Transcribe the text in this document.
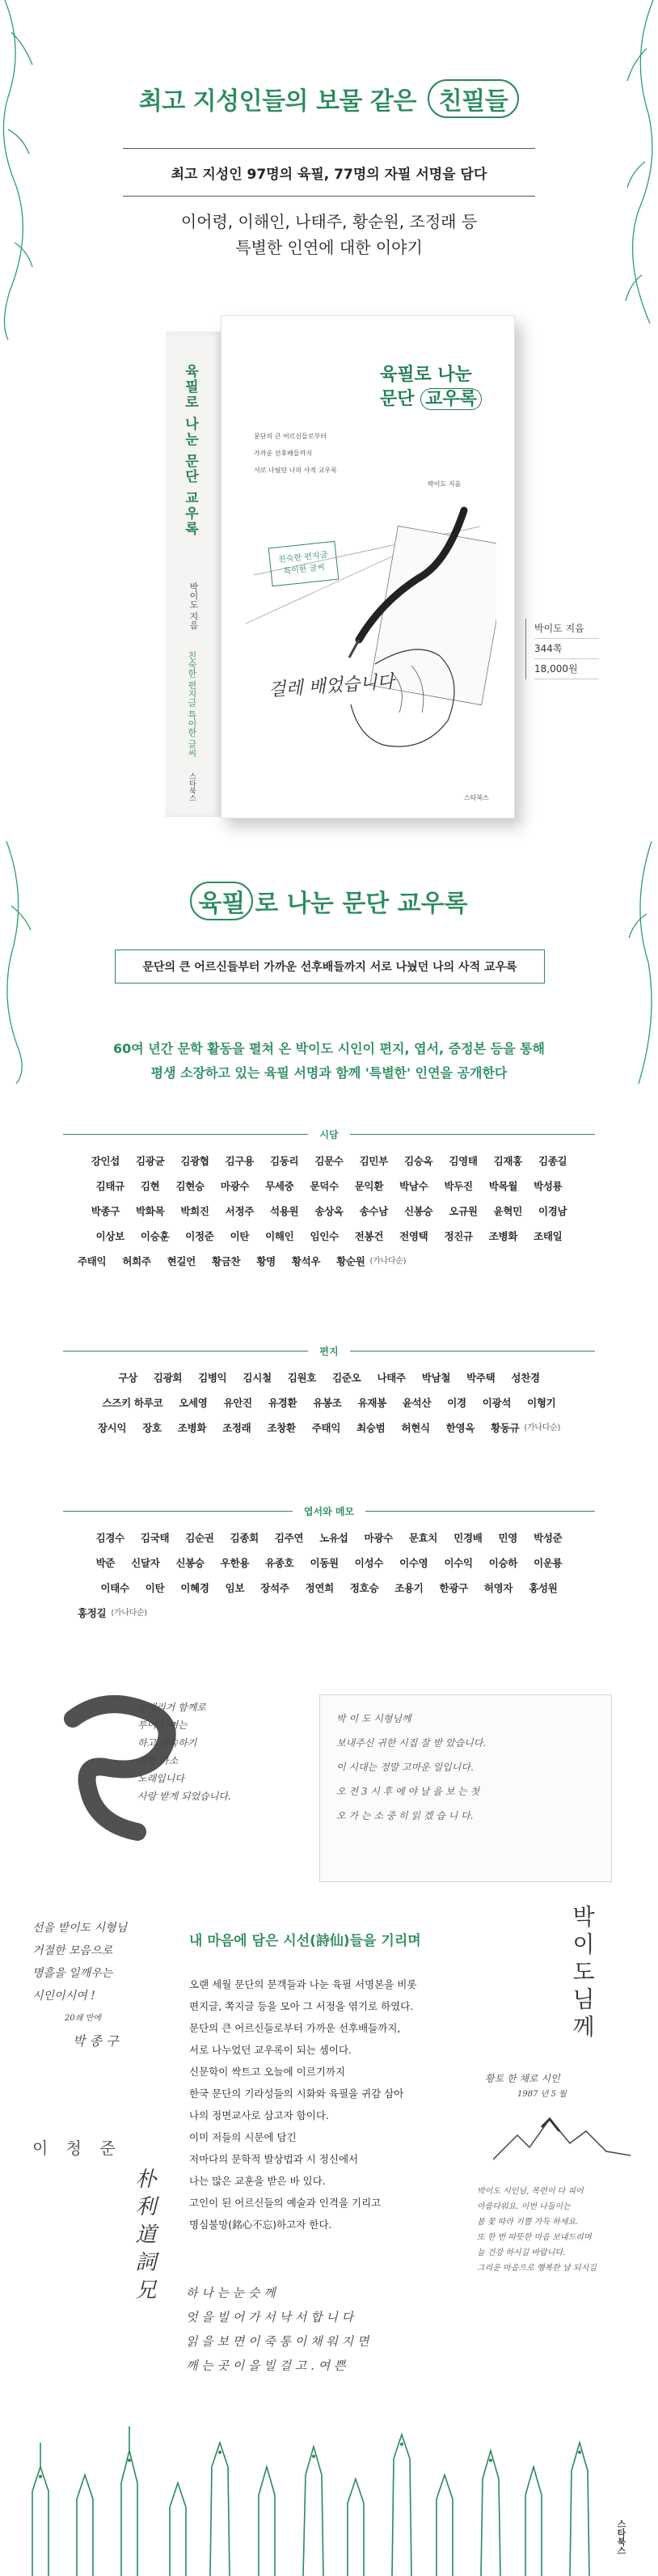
최고 지성인들의 보물 같은 친필들
최고 지성인 97명의 육필, 77명의 자필 서명을 담다
이어령, 이해인, 나태주, 황순원, 조정래 등
특별한 인연에 대한 이야기
육필로 나눈 문단 교우록
박이도 지음
친숙한 편지글 특이한 글씨
스타북스
육필로 나눈
문단 교우록
문단의 큰 어르신들로부터
가까운 선후배들까지
서로 나눴던 나의 사적 교우록
박이도 지음
친숙한 편지글
특이한 글씨
걸레 배었습니다
스타북스
박이도 지음
344쪽
18,000원
육필 로 나눈 문단 교우록
문단의 큰 어르신들부터 가까운 선후배들까지 서로 나눴던 나의 사적 교우록
60여 년간 문학 활동을 펼쳐 온 박이도 시인이 편지, 엽서, 증정본 등을 통해
평생 소장하고 있는 육필 서명과 함께 '특별한' 인연을 공개한다
시담
강인섭 김광균 김광협 김구용 김동리 김문수 김민부 김승옥 김영태 김재홍 김종길
김태규 김현 김현승 마광수 무세중 문덕수 문익환 박남수 박두진 박목월 박성룡
박종구 박화목 박희진 서정주 석용원 송상옥 송수남 신봉승 오규원 윤혁민 이경남
이상보 이승훈 이정준 이탄 이해인 임인수 전봉건 전영택 정진규 조병화 조태일
주태익 허희주 현길언 황금찬 황명 황석우 황순원 (가나다순)
편지
구상 김광회 김병익 김시철 김원호 김준오 나태주 박남철 박주택 성찬경
스즈키 하루코 오세영 유안진 유경환 유봉조 유재봉 윤석산 이경 이광석 이형기
장시익 장호 조병화 조정래 조창환 주태익 최승범 허현식 한영옥 황동규 (가나다순)
엽서와 메모
김경수 김국태 김순권 김종회 김주연 노유섭 마광수 문효치 민경배 민영 박성준
박준 신달자 신봉승 우한용 유종호 이동원 이성수 이수영 이수익 이승하 이운룡
이태수 이탄 이혜경 임보 장석주 정연희 정호승 조용기 한광구 허영자 홍성원
홍정길 (가나다순)
눈내리거 함께로
투어 다며는
하고 귀속하기
고향 가소
노래입니다
사랑 받게 되었습니다.
박 이 도 시형님께
보내주신 귀한 시집 잘 받 았습니다.
이 시대는 정말 고마운 일입니다.
오 전 3 시 후 에 야 날 을 보 는 첫
오 가 는 소 중 히 읽 겠 습 니 다.
선을 받이도 시형님
거절한 모음으로
명흘을 일깨우는
시인이시여 !
20쇄 만에
박 종 구
이 청 준
朴 利 道 詞 兄
내 마음에 담은 시선(詩仙)들을 기리며
오랜 세월 문단의 문객들과 나눈 육필 서명본을 비롯
편지글, 쪽지글 등을 모아 그 서정을 엮기로 하였다.
문단의 큰 어르신들로부터 가까운 선후배들까지,
서로 나누었던 교우록이 되는 셈이다.
신문학이 싹트고 오늘에 이르기까지
한국 문단의 기라성들의 시화와 육필을 귀감 삼아
나의 정면교사로 삼고자 함이다.
이미 저들의 시문에 담긴
저마다의 문학적 발상법과 시 정신에서
나는 많은 교훈을 받은 바 있다.
고인이 된 어르신들의 예술과 인격을 기리고
명심불망(銘心不忘)하고자 한다.
박이도님께
황토 한 채로 시인
1987 년 5 월
박이도 시인님, 목련이 다 피어
아름다워요. 이번 나들이는
봄 꽃 따라 기쁨 가득 하세요.
또 한 번 따뜻한 마음 보내드리며
늘 건강 하시길 바랍니다.
그리운 마음으로 행복한 날 되시길
하 나 는 눈 슷 께
엇 을 빌 어 가 서 낙 서 합 니 다
읽 을 보 면 이 죽 통 이 채 워 지 면
깨 는 곳 이 을 빌 걸 고 . 여 쁜
스타북스
